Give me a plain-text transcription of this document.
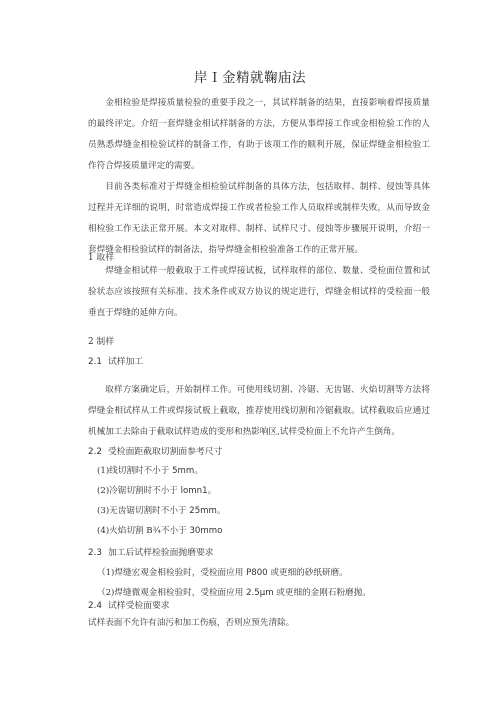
岸Ｉ金精就鞠庙法

金相检验是焊接质量检验的重要手段之一，其试样制备的结果，直接影响着焊接质量的最终评定。介绍一套焊缝金相试样制备的方法，方便从事焊接工作或金相检验工作的人员熟悉焊缝金相检验试样的制备工作，有助于该项工作的顺利开展，保证焊缝金相检验工作符合焊接质量评定的需要。

目前各类标准对于焊缝金相检验试样制备的具体方法，包括取样、制样、侵蚀等具体过程并无详细的说明，时常造成焊接工作或者检验工作人员取样或制样失败，从而导致金相检验工作无法正常开展。本文对取样、制样、试样尺寸、侵蚀等步骤展开说明，介绍一套焊缝金相检验试样的制备法，指导焊缝金相检验准备工作的正常开展。

1 取样

焊缝金相试样一般截取于工件或焊接试板，试样取样的部位、数量、受检面位置和试验状态应该按照有关标准、技术条件或双方协议的规定进行，焊缝金相试样的受检面一般垂直于焊缝的延伸方向。

2 制样

2.1 试样加工

取样方案确定后，开始制样工作。可使用线切割、冷锯、无齿锯、火焰切割等方法将焊缝金相试样从工件或焊接试板上截取，推荐使用线切割和冷锯截取。试样截取后应通过机械加工去除由于截取试样造成的变形和热影响区,试样受检面上不允许产生倒角。

2.2 受检面距截取切割面参考尺寸

(1)线切割时不小于 5mm。

(2)冷锯切割时不小于 lomn1。

(3)无齿锯切割时不小于 25mm。

(4)火焰切割 B¾不小于 30mmo

2.3 加工后试样检验面抛磨要求

（1)焊缝宏观金相检验时，受检面应用 P800 或更细的砂纸研磨。

（2)焊缝微观金相检验时，受检面应用 2.5μm 或更细的金刚石粉磨抛。

2.4 试样受检面要求

试样表面不允许有油污和加工伤痕，否则应预先清除。
